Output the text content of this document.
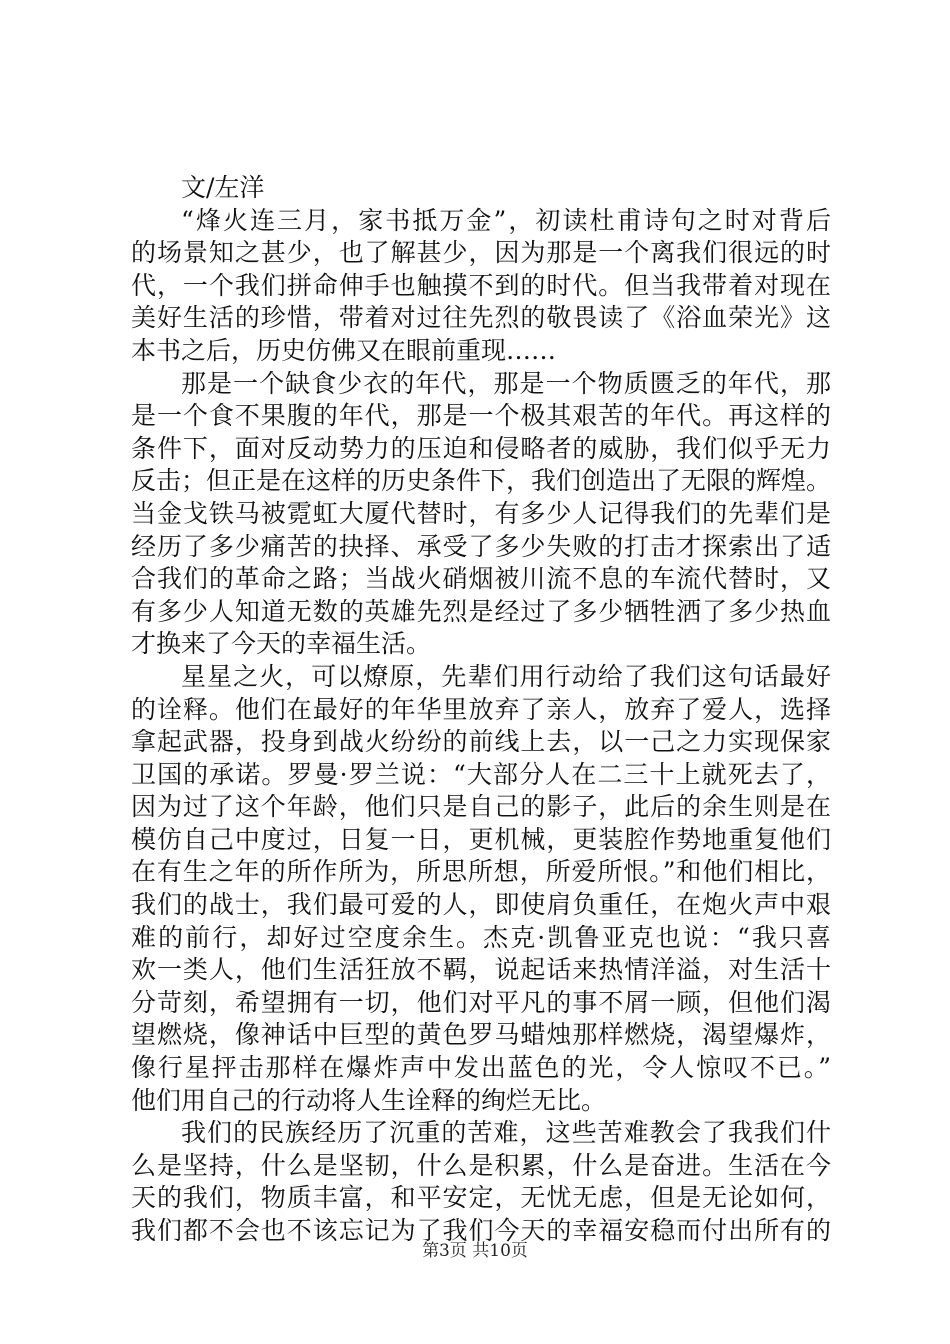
文/左洋
“烽火连三月，家书抵万金”，初读杜甫诗句之时对背后
的场景知之甚少，也了解甚少，因为那是一个离我们很远的时
代，一个我们拼命伸手也触摸不到的时代。但当我带着对现在
美好生活的珍惜，带着对过往先烈的敬畏读了《浴血荣光》这
本书之后，历史仿佛又在眼前重现……
那是一个缺食少衣的年代，那是一个物质匮乏的年代，那
是一个食不果腹的年代，那是一个极其艰苦的年代。再这样的
条件下，面对反动势力的压迫和侵略者的威胁，我们似乎无力
反击；但正是在这样的历史条件下，我们创造出了无限的辉煌。
当金戈铁马被霓虹大厦代替时，有多少人记得我们的先辈们是
经历了多少痛苦的抉择、承受了多少失败的打击才探索出了适
合我们的革命之路；当战火硝烟被川流不息的车流代替时，又
有多少人知道无数的英雄先烈是经过了多少牺牲洒了多少热血
才换来了今天的幸福生活。
星星之火，可以燎原，先辈们用行动给了我们这句话最好
的诠释。他们在最好的年华里放弃了亲人，放弃了爱人，选择
拿起武器，投身到战火纷纷的前线上去，以一己之力实现保家
卫国的承诺。罗曼·罗兰说：“大部分人在二三十上就死去了，
因为过了这个年龄，他们只是自己的影子，此后的余生则是在
模仿自己中度过，日复一日，更机械，更装腔作势地重复他们
在有生之年的所作所为，所思所想，所爱所恨。”和他们相比，
我们的战士，我们最可爱的人，即使肩负重任，在炮火声中艰
难的前行，却好过空度余生。杰克·凯鲁亚克也说：“我只喜
欢一类人，他们生活狂放不羁，说起话来热情洋溢，对生活十
分苛刻，希望拥有一切，他们对平凡的事不屑一顾，但他们渴
望燃烧，像神话中巨型的黄色罗马蜡烛那样燃烧，渴望爆炸，
像行星抨击那样在爆炸声中发出蓝色的光，令人惊叹不已。”
他们用自己的行动将人生诠释的绚烂无比。
我们的民族经历了沉重的苦难，这些苦难教会了我我们什
么是坚持，什么是坚韧，什么是积累，什么是奋进。生活在今
天的我们，物质丰富，和平安定，无忧无虑，但是无论如何，
我们都不会也不该忘记为了我们今天的幸福安稳而付出所有的
第3页 共10页
